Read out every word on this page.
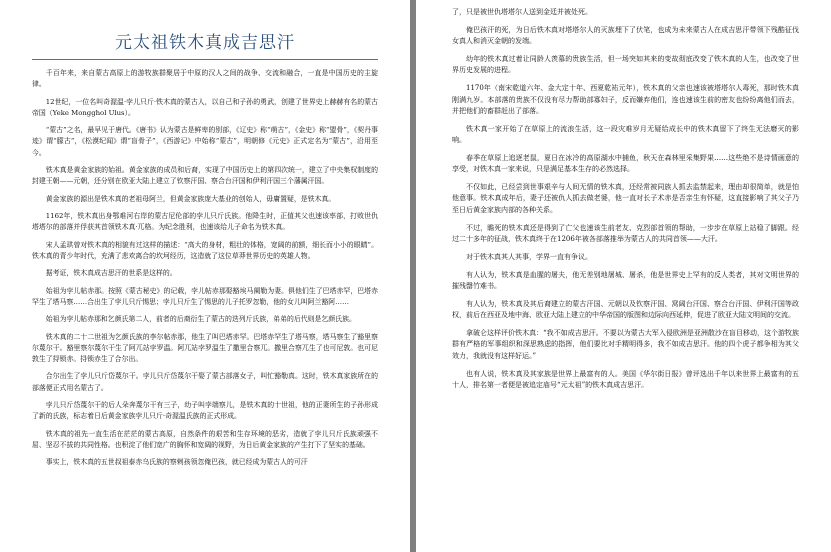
元太祖铁木真成吉思汗

千百年来，来自蒙古高原上的游牧族群聚居于中原的汉人之间的战争、交流和融合，一直是中国历史的主旋律。

12世纪，一位名叫奇渥温·孛儿只斤·铁木真的蒙古人，以自己和子孙的勇武，创建了世界史上赫赫有名的蒙古帝国（Yeke Mongghol Ulus）。

“蒙古”之名，最早见于唐代。《唐书》认为蒙古是鲜卑的别部，《辽史》称“萌古”，《金史》称“盟骨”，《契丹事迹》谓“朦古”，《松漠纪闻》谓“盲骨子”，《西游记》中始称“蒙古”，明朝修《元史》正式定名为“蒙古”，沿用至今。

铁木真是黄金家族的始祖。黄金家族的成员和后裔，实现了中国历史上的第四次统一，建立了中央集权制度的封建王朝——元朝，还分别在欧亚大陆上建立了钦察汗国、察合台汗国和伊利汗国三个藩属汗国。

黄金家族的源出是铁木真的老祖母阿兰，但黄金家族庞大基业的创始人，毋庸置疑，是铁木真。

1162年，铁木真出身鄂难河右岸的蒙古尼伦部的孛儿只斤氏族。他降生时，正值其父也速该率部，打败世仇塔塔尔的部落并俘获其首领铁木真·兀格。为纪念胜利，也速该给儿子命名为铁木真。

宋人孟珙曾对铁木真的相貌有过这样的描述：“高大的身材，粗壮的体格，宽阔的前额，细长而小小的眼睛”。铁木真的青少年时代，充满了悲欢离合的坎坷经历，这造就了这位草莽世界历史的英雄人物。

据考证，铁木真成吉思汗的世系是这样的。

始祖为孛儿帖赤那。按照《蒙古秘史》的记载，孛儿帖赤那娶豁埃马阑勒为妻。俱他们生了巴塔赤罕，巴塔赤罕生了塔马察……合出生了孛儿只斤惕思；孛儿只斤生了惕思的儿子托罗忽勒，他的女儿叫阿兰豁阿……

始祖为孛儿帖赤那和乞颜氏第二人，前者的后裔衍生了蒙古的迭列斤氏族，弟弟的后代则是乞颜氏族。

铁木真的二十二世祖为乞颜氏族的李尔帖赤那，他生了叫巴塔赤罕。巴塔赤罕生了塔马察，塔马察生了豁里察尔蔑尔干。豁里察尔蔑尔干生了阿兀站孛罗温。阿兀站孛罗温生了撒里合察兀。撒里合察兀生了也可尼敦。也可尼敦生了挦锁赤。挦锁赤生了合尔出。

合尔出生了孛儿只斤岱蔑尔干。孛儿只斤岱蔑尔干娶了蒙古部落女子，叫忙豁勒真。这时，铁木真家族所在的部落便正式用名蒙古了。

孛儿只斤岱蔑尔干的后人朵奔蔑尔干有三子，幼子叫孛端察儿，是铁木真的十世祖，他的正妻所生的子孙形成了新的氏族，标志着日后黄金家族孛儿只斤·奇渥温氏族的正式形成。

铁木真的祖先一直生活在茫茫的蒙古高原，自然条件的艰苦和生存环境的恶劣，造就了孛儿只斤氏族顽强不屈、坚忍不拔的共同性格。也积淀了他们宽广的胸怀和宽阔的视野，为日后黄金家族的产生打下了坚实的基础。

事实上，铁木真的五世叔祖泰赤乌氏族的察剌孩领忽俺巴孩，就已经成为蒙古人的可汗

了，只是被世仇塔塔尔人送到金廷并被处死。

俺巴孩汗的死，为日后铁木真对塔塔尔人的灭族埋下了伏笔，也成为未来蒙古人在成吉思汗带领下残酷征伐女真人和消灭金朝的发端。

幼年的铁木真过着让同龄人羡慕的贵族生活，但一场突如其来的变故彻底改变了铁木真的人生，也改变了世界历史发展的进程。

1170年（南宋乾道六年、金大定十年、西夏乾祐元年），铁木真的父亲也速该被塔塔尔人毒死，那时铁木真刚满九岁。本部落的贵族不仅没有尽力帮助部寡妇子，反而嫌弃他们，连也速该生前的密友也纷纷离他们而去，并把他们的畜群赶出了部落。

铁木真一家开始了在草原上的流浪生活，这一段灾难岁月无疑给成长中的铁木真留下了终生无法磨灭的影响。

春季在草原上追逐老鼠，夏日在冰冷的高原湖水中捕鱼，秋天在森林里采集野果……这些绝不是诗情画意的享受，对铁木真一家来说，只是满足基本生存的必然选择。

不仅如此，已经尝到世事艰辛与人间无情的铁木真，还经常被同族人抓去监禁起来，理由却很简单，就是怕他意事。铁木真成年后，妻子还被仇人抓去做老婆，他一直对长子术赤是否亲生有怀疑，这直接影响了其父子乃至日后黄金家族内部的各种关系。

不过，瞻死的铁木真还是得到了亡父也速该生前老友、克烈部首领的帮助，一步步在草原上站稳了脚跟。经过二十多年的征战，铁木真终于在1206年被各部落推举为蒙古人的共同首领——大汗。

对于铁木真其人其事，学界一直有争议。

有人认为，铁木真是血腥的屠夫，他无差别地屠城、屠杀，他是世界史上罕有的反人类者，其对文明世界的摧残罄竹难书。

有人认为，铁木真及其后裔建立的蒙古汗国、元朝以及钦察汗国、窝阔台汗国、察合台汗国、伊利汗国等政权，前后在西亚及地中海、欧亚大陆上建立的中华帝国的版图和边际向西延伸，促进了欧亚大陆文明间的交流。

拿破仑这样评价铁木真：“我不如成吉思汗。不要以为蒙古大军入侵欧洲是亚洲散沙在盲目移动，这个游牧族群有严格的军事组织和深思熟虑的指挥，他们要比对手精明得多，我不如成吉思汗。他的四个虎子都争相为其父效力，我就没有这样好运。”

也有人说，铁木真及其家族是世界上最富有的人。美国《华尔街日报》曾评选出千年以来世界上最富有的五十人，排名第一者便是被追定庙号“元太祖”的铁木真成吉思汗。
